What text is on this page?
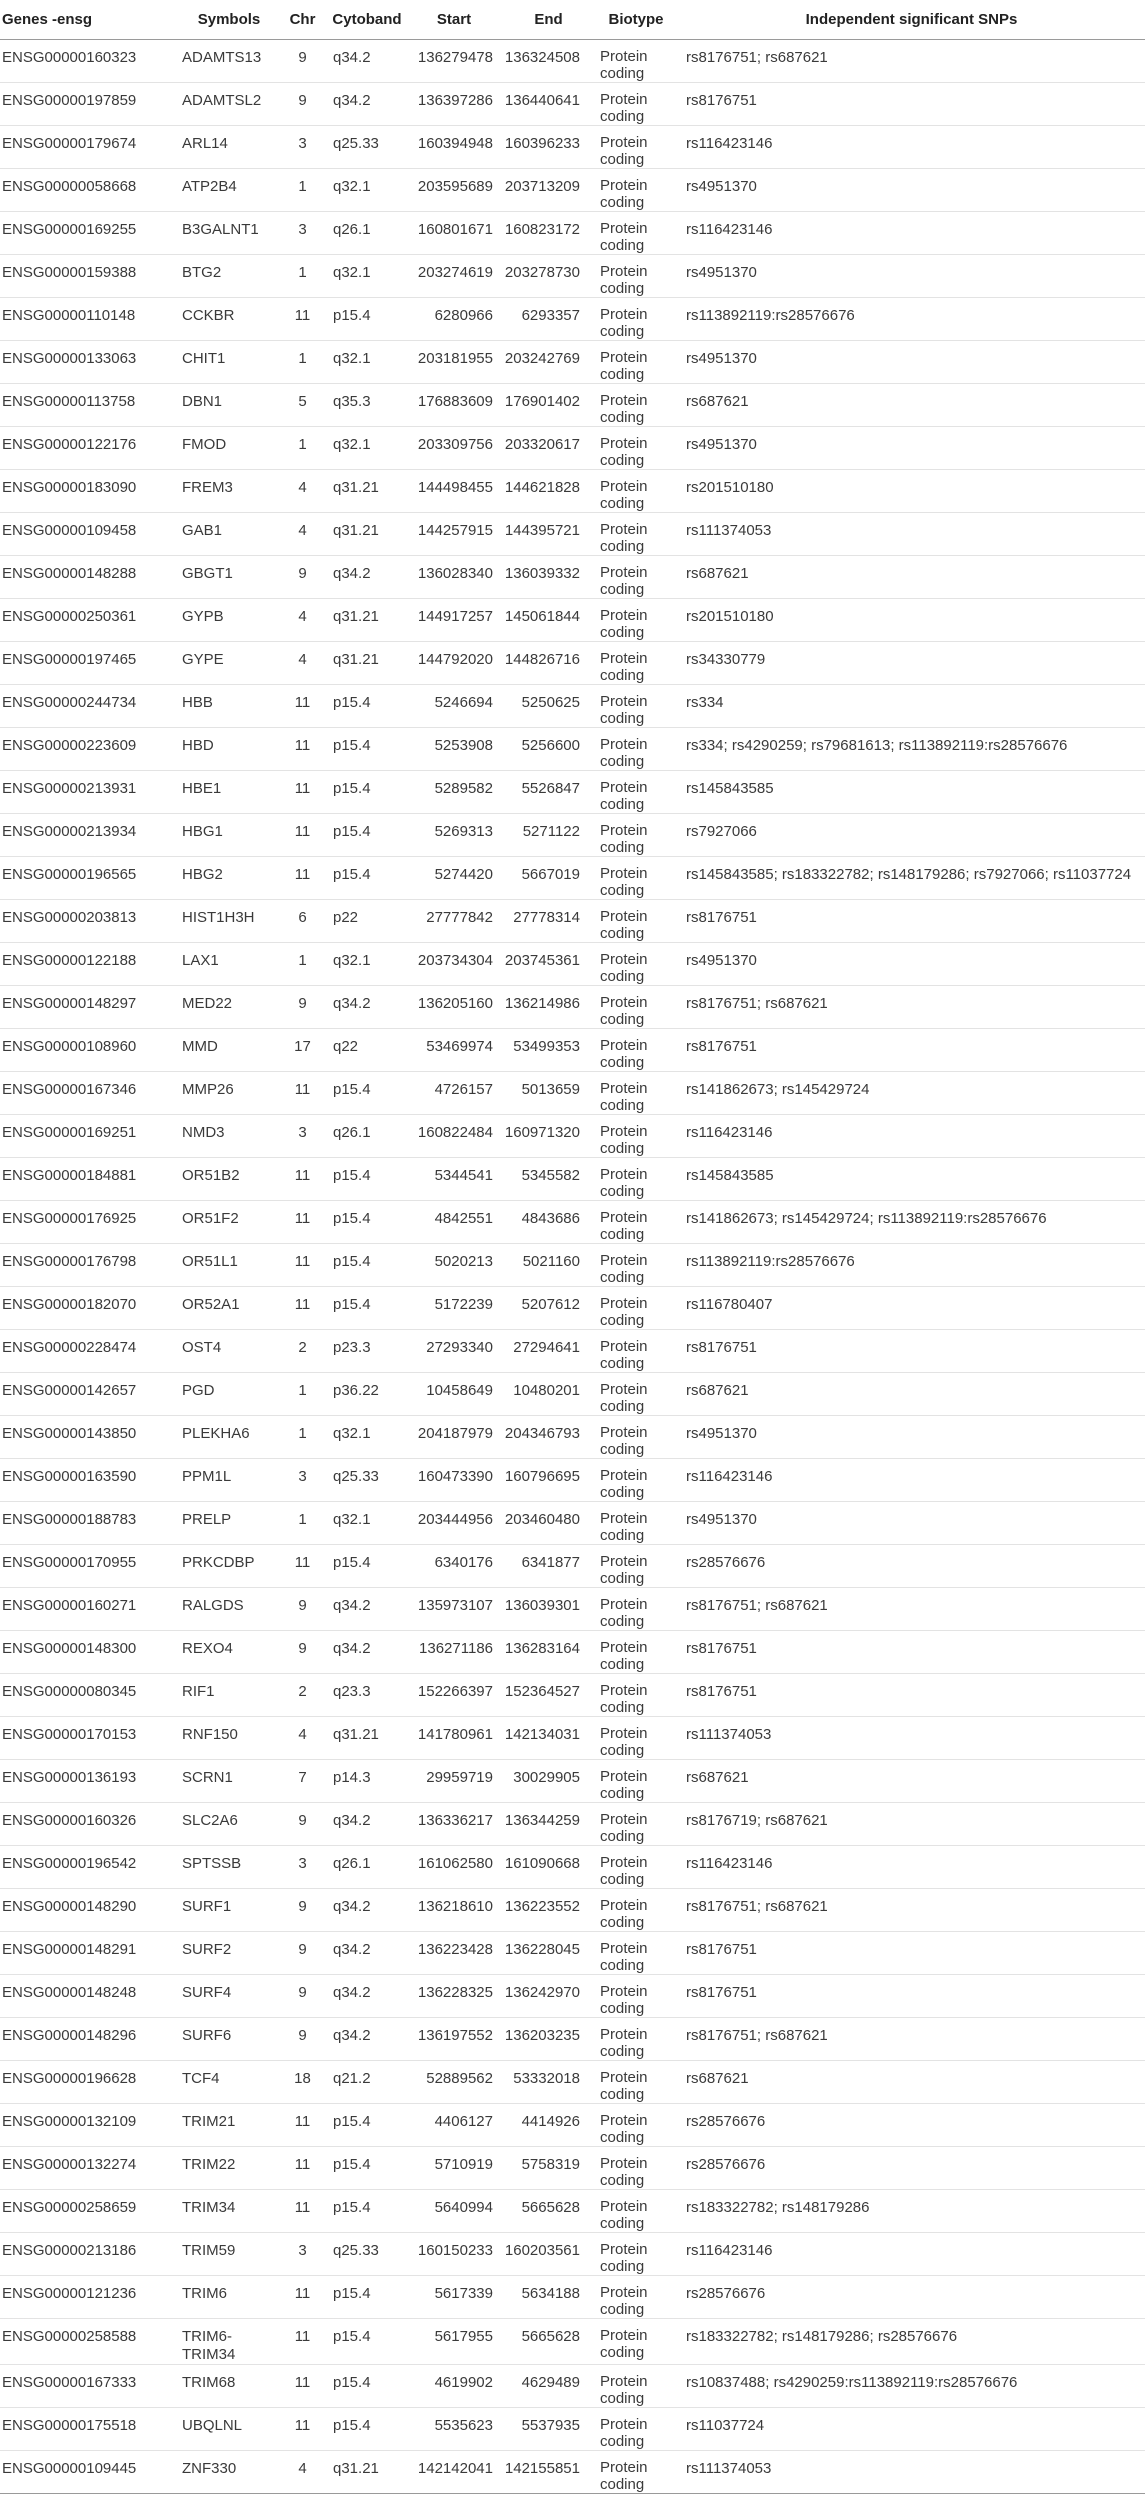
Genes -ensg	Symbols	Chr	Cytoband	Start	End	Biotype	Independent significant SNPs

ENSG00000160323	ADAMTS13	9	q34.2	136279478	136324508	Protein coding	rs8176751; rs687621

ENSG00000197859	ADAMTSL2	9	q34.2	136397286	136440641	Protein coding	rs8176751

ENSG00000179674	ARL14	3	q25.33	160394948	160396233	Protein coding	rs116423146

ENSG00000058668	ATP2B4	1	q32.1	203595689	203713209	Protein coding	rs4951370

ENSG00000169255	B3GALNT1	3	q26.1	160801671	160823172	Protein coding	rs116423146

ENSG00000159388	BTG2	1	q32.1	203274619	203278730	Protein coding	rs4951370

ENSG00000110148	CCKBR	11	p15.4	6280966	6293357	Protein coding	rs113892119:rs28576676

ENSG00000133063	CHIT1	1	q32.1	203181955	203242769	Protein coding	rs4951370

ENSG00000113758	DBN1	5	q35.3	176883609	176901402	Protein coding	rs687621

ENSG00000122176	FMOD	1	q32.1	203309756	203320617	Protein coding	rs4951370

ENSG00000183090	FREM3	4	q31.21	144498455	144621828	Protein coding	rs201510180

ENSG00000109458	GAB1	4	q31.21	144257915	144395721	Protein coding	rs111374053

ENSG00000148288	GBGT1	9	q34.2	136028340	136039332	Protein coding	rs687621

ENSG00000250361	GYPB	4	q31.21	144917257	145061844	Protein coding	rs201510180

ENSG00000197465	GYPE	4	q31.21	144792020	144826716	Protein coding	rs34330779

ENSG00000244734	HBB	11	p15.4	5246694	5250625	Protein coding	rs334

ENSG00000223609	HBD	11	p15.4	5253908	5256600	Protein coding	rs334; rs4290259; rs79681613; rs113892119:rs28576676

ENSG00000213931	HBE1	11	p15.4	5289582	5526847	Protein coding	rs145843585

ENSG00000213934	HBG1	11	p15.4	5269313	5271122	Protein coding	rs7927066

ENSG00000196565	HBG2	11	p15.4	5274420	5667019	Protein coding	rs145843585; rs183322782; rs148179286; rs7927066; rs11037724

ENSG00000203813	HIST1H3H	6	p22	27777842	27778314	Protein coding	rs8176751

ENSG00000122188	LAX1	1	q32.1	203734304	203745361	Protein coding	rs4951370

ENSG00000148297	MED22	9	q34.2	136205160	136214986	Protein coding	rs8176751; rs687621

ENSG00000108960	MMD	17	q22	53469974	53499353	Protein coding	rs8176751

ENSG00000167346	MMP26	11	p15.4	4726157	5013659	Protein coding	rs141862673; rs145429724

ENSG00000169251	NMD3	3	q26.1	160822484	160971320	Protein coding	rs116423146

ENSG00000184881	OR51B2	11	p15.4	5344541	5345582	Protein coding	rs145843585

ENSG00000176925	OR51F2	11	p15.4	4842551	4843686	Protein coding	rs141862673; rs145429724; rs113892119:rs28576676

ENSG00000176798	OR51L1	11	p15.4	5020213	5021160	Protein coding	rs113892119:rs28576676

ENSG00000182070	OR52A1	11	p15.4	5172239	5207612	Protein coding	rs116780407

ENSG00000228474	OST4	2	p23.3	27293340	27294641	Protein coding	rs8176751

ENSG00000142657	PGD	1	p36.22	10458649	10480201	Protein coding	rs687621

ENSG00000143850	PLEKHA6	1	q32.1	204187979	204346793	Protein coding	rs4951370

ENSG00000163590	PPM1L	3	q25.33	160473390	160796695	Protein coding	rs116423146

ENSG00000188783	PRELP	1	q32.1	203444956	203460480	Protein coding	rs4951370

ENSG00000170955	PRKCDBP	11	p15.4	6340176	6341877	Protein coding	rs28576676

ENSG00000160271	RALGDS	9	q34.2	135973107	136039301	Protein coding	rs8176751; rs687621

ENSG00000148300	REXO4	9	q34.2	136271186	136283164	Protein coding	rs8176751

ENSG00000080345	RIF1	2	q23.3	152266397	152364527	Protein coding	rs8176751

ENSG00000170153	RNF150	4	q31.21	141780961	142134031	Protein coding	rs111374053

ENSG00000136193	SCRN1	7	p14.3	29959719	30029905	Protein coding	rs687621

ENSG00000160326	SLC2A6	9	q34.2	136336217	136344259	Protein coding	rs8176719; rs687621

ENSG00000196542	SPTSSB	3	q26.1	161062580	161090668	Protein coding	rs116423146

ENSG00000148290	SURF1	9	q34.2	136218610	136223552	Protein coding	rs8176751; rs687621

ENSG00000148291	SURF2	9	q34.2	136223428	136228045	Protein coding	rs8176751

ENSG00000148248	SURF4	9	q34.2	136228325	136242970	Protein coding	rs8176751

ENSG00000148296	SURF6	9	q34.2	136197552	136203235	Protein coding	rs8176751; rs687621

ENSG00000196628	TCF4	18	q21.2	52889562	53332018	Protein coding	rs687621

ENSG00000132109	TRIM21	11	p15.4	4406127	4414926	Protein coding	rs28576676

ENSG00000132274	TRIM22	11	p15.4	5710919	5758319	Protein coding	rs28576676

ENSG00000258659	TRIM34	11	p15.4	5640994	5665628	Protein coding	rs183322782; rs148179286

ENSG00000213186	TRIM59	3	q25.33	160150233	160203561	Protein coding	rs116423146

ENSG00000121236	TRIM6	11	p15.4	5617339	5634188	Protein coding	rs28576676

ENSG00000258588	TRIM6-TRIM34	11	p15.4	5617955	5665628	Protein coding	rs183322782; rs148179286; rs28576676

ENSG00000167333	TRIM68	11	p15.4	4619902	4629489	Protein coding	rs10837488; rs4290259:rs113892119:rs28576676

ENSG00000175518	UBQLNL	11	p15.4	5535623	5537935	Protein coding	rs11037724

ENSG00000109445	ZNF330	4	q31.21	142142041	142155851	Protein coding	rs111374053
